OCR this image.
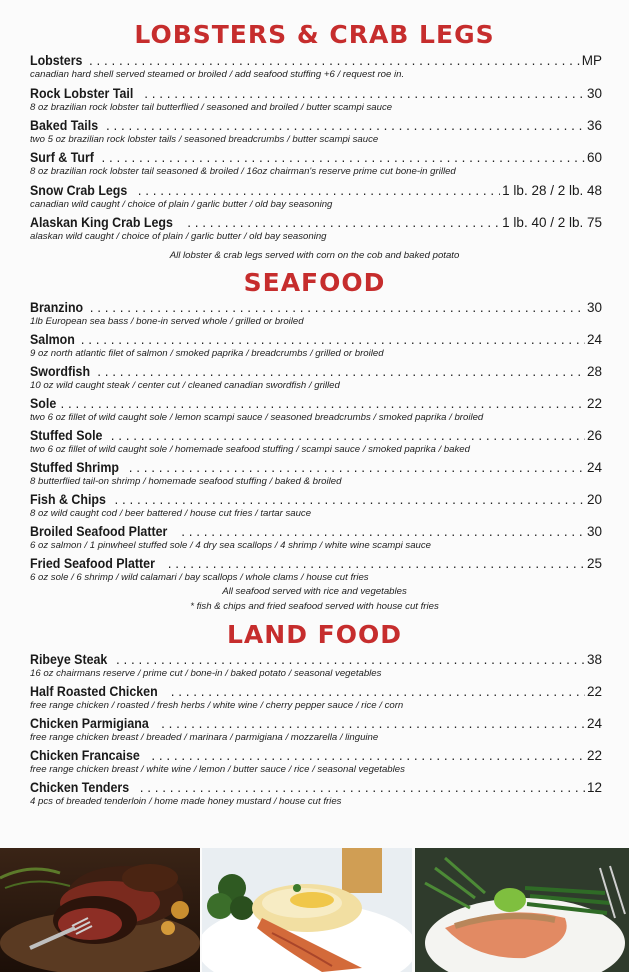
LOBSTERS & CRAB LEGS
Lobsters . . .	MP
canadian hard shell served steamed or broiled / add seafood stuffing +6 / request roe in.
Rock Lobster Tail . . .	30
8 oz brazilian rock lobster tail butterflied / seasoned and broiled / butter scampi sauce
Baked Tails . . .	36
two 5 oz brazilian rock lobster tails / seasoned breadcrumbs / butter scampi sauce
Surf & Turf . . .	60
8 oz brazilian rock lobster tail seasoned & broiled / 16oz chairman's reserve prime cut bone-in grilled
Snow Crab Legs . . .	1 lb. 28 / 2 lb. 48
canadian wild caught / choice of plain / garlic butter / old bay seasoning
Alaskan King Crab Legs . . .	1 lb. 40 / 2 lb. 75
alaskan wild caught / choice of plain / garlic butter / old bay seasoning
All lobster & crab legs served with corn on the cob and baked potato
SEAFOOD
Branzino . . .	30
1lb European sea bass / bone-in served whole / grilled or broiled
Salmon . . .	24
9 oz north atlantic filet of salmon / smoked paprika / breadcrumbs / grilled or broiled
Swordfish . . .	28
10 oz wild caught steak / center cut / cleaned canadian swordfish / grilled
Sole . . .	22
two 6 oz fillet of wild caught sole / lemon scampi sauce / seasoned breadcrumbs / smoked paprika / broiled
Stuffed Sole . . .	26
two 6 oz fillet of wild caught sole / homemade seafood stuffing / scampi sauce / smoked paprika / baked
Stuffed Shrimp . . .	24
8 butterflied tail-on shrimp / homemade seafood stuffing / baked & broiled
Fish & Chips . . .	20
8 oz wild caught cod / beer battered / house cut fries / tartar sauce
Broiled Seafood Platter . . .	30
6 oz salmon / 1 pinwheel stuffed sole / 4 dry sea scallops / 4 shrimp / white wine scampi sauce
Fried Seafood Platter . . .	25
6 oz sole / 6 shrimp / wild calamari / bay scallops / whole clams / house cut fries
All seafood served with rice and vegetables
* fish & chips and fried seafood served with house cut fries
LAND FOOD
Ribeye Steak . . .	38
16 oz chairmans reserve / prime cut / bone-in / baked potato / seasonal vegetables
Half Roasted Chicken . . .	22
free range chicken / roasted / fresh herbs / white wine / cherry pepper sauce / rice / corn
Chicken Parmigiana . . .	24
free range chicken breast / breaded / marinara / parmigiana / mozzarella / linguine
Chicken Francaise . . .	22
free range chicken breast / white wine / lemon / butter sauce / rice / seasonal vegetables
Chicken Tenders . . .	12
4 pcs of breaded tenderloin / home made honey mustard / house cut fries
